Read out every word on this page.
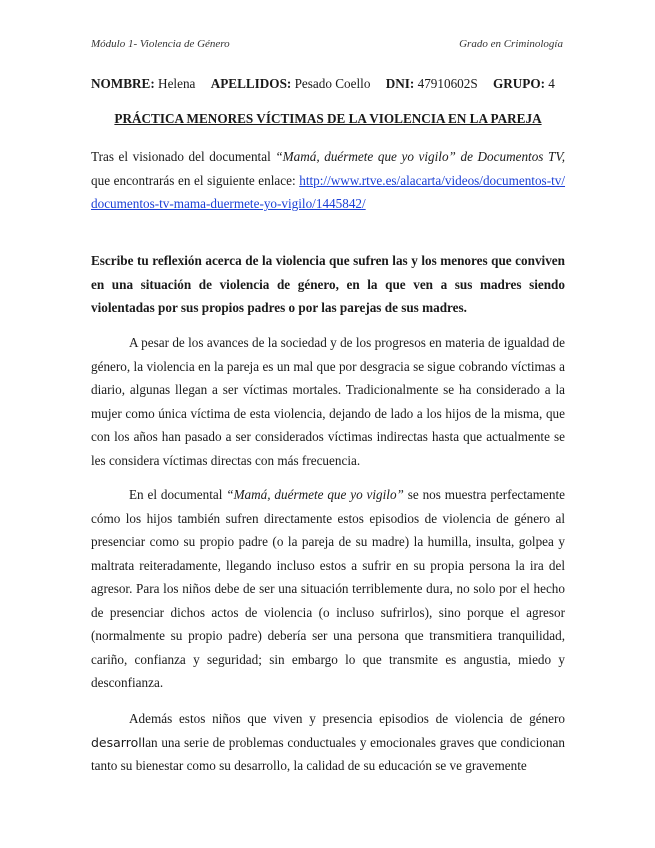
Módulo 1- Violencia de Género	Grado en Criminología
NOMBRE: Helena APELLIDOS: Pesado Coello DNI: 47910602S GRUPO: 4
PRÁCTICA MENORES VÍCTIMAS DE LA VIOLENCIA EN LA PAREJA
Tras el visionado del documental “Mamá, duérmete que yo vigilo” de Documentos TV, que encontrarás en el siguiente enlace: http://www.rtve.es/alacarta/videos/documentos-tv/documentos-tv-mama-duermete-yo-vigilo/1445842/
Escribe tu reflexión acerca de la violencia que sufren las y los menores que conviven en una situación de violencia de género, en la que ven a sus madres siendo violentadas por sus propios padres o por las parejas de sus madres.
A pesar de los avances de la sociedad y de los progresos en materia de igualdad de género, la violencia en la pareja es un mal que por desgracia se sigue cobrando víctimas a diario, algunas llegan a ser víctimas mortales. Tradicionalmente se ha considerado a la mujer como única víctima de esta violencia, dejando de lado a los hijos de la misma, que con los años han pasado a ser considerados víctimas indirectas hasta que actualmente se les considera víctimas directas con más frecuencia.
En el documental “Mamá, duérmete que yo vigilo” se nos muestra perfectamente cómo los hijos también sufren directamente estos episodios de violencia de género al presenciar como su propio padre (o la pareja de su madre) la humilla, insulta, golpea y maltrata reiteradamente, llegando incluso estos a sufrir en su propia persona la ira del agresor. Para los niños debe de ser una situación terriblemente dura, no solo por el hecho de presenciar dichos actos de violencia (o incluso sufrirlos), sino porque el agresor (normalmente su propio padre) debería ser una persona que transmitiera tranquilidad, cariño, confianza y seguridad; sin embargo lo que transmite es angustia, miedo y desconfianza.
Además estos niños que viven y presencia episodios de violencia de género desarrollan una serie de problemas conductuales y emocionales graves que condicionan tanto su bienestar como su desarrollo, la calidad de su educación se ve gravemente
